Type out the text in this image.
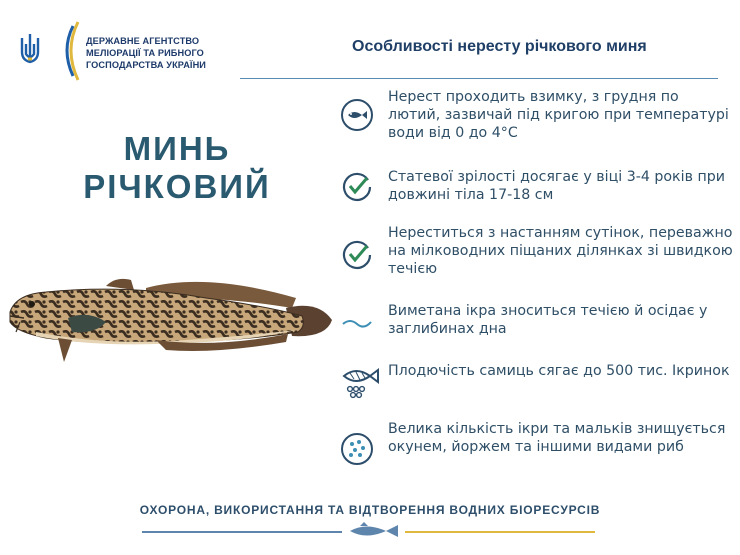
ДЕРЖАВНЕ АГЕНТСТВО
МЕЛІОРАЦІЇ ТА РИБНОГО
ГОСПОДАРСТВА УКРАЇНИ
Особливості нересту річкового миня
МИНЬ
РІЧКОВИЙ
Нерест проходить взимку, з грудня по лютий, зазвичай під кригою при температурі води від 0 до 4°С
Статевої зрілості досягає у віці 3-4 років при довжині тіла 17-18 см
Нереститься з настанням сутінок, переважно на мілководних піщаних ділянках зі швидкою течією
Виметана ікра зноситься течією й осідає у заглибинах дна
Плодючість самиць сягає до 500 тис. Ікринок
Велика кількість ікри та мальків знищується окунем, йоржем та іншими видами риб
ОХОРОНА, ВИКОРИСТАННЯ ТА ВІДТВОРЕННЯ ВОДНИХ БІОРЕСУРСІВ
